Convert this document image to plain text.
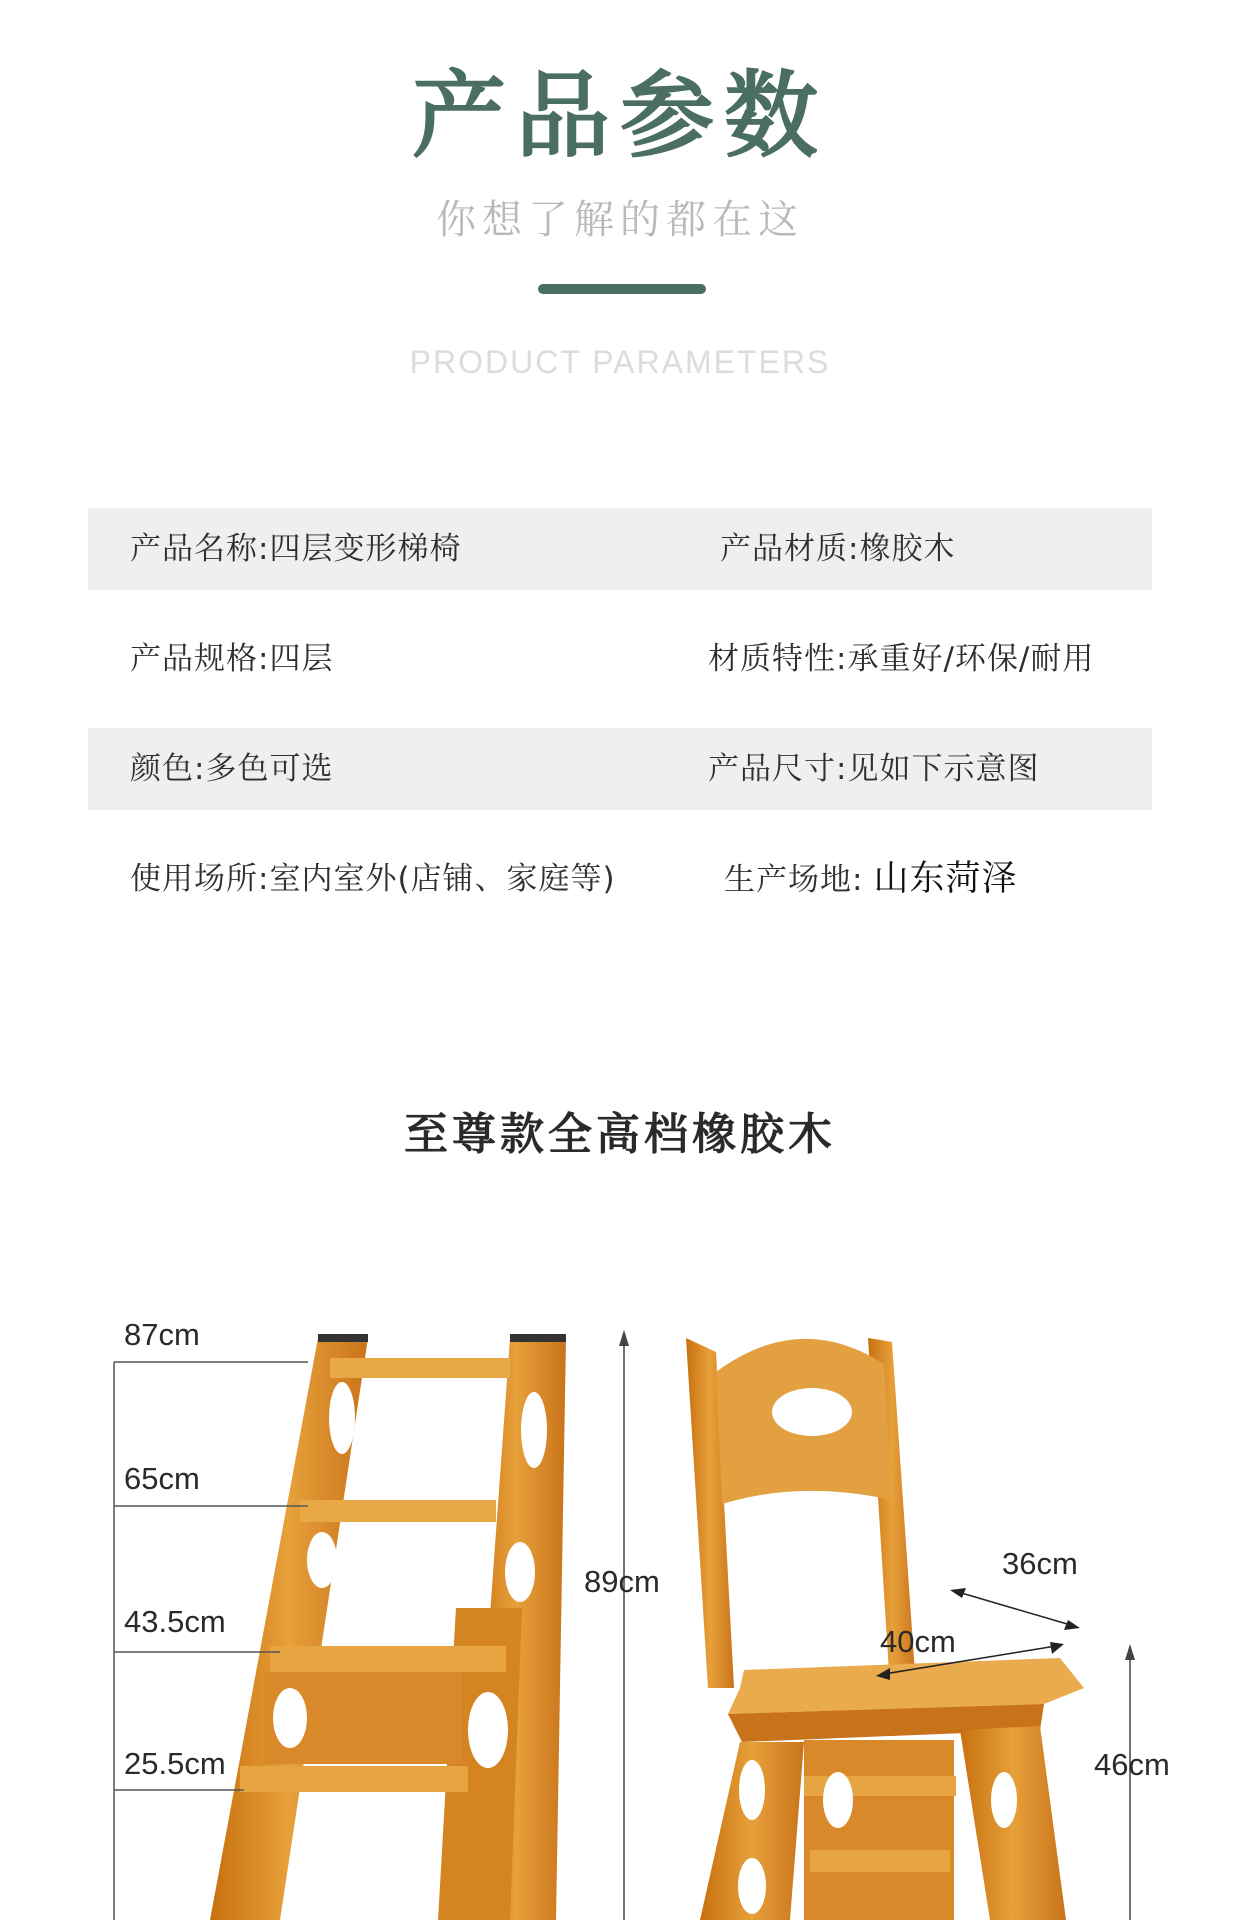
产品参数
你想了解的都在这
PRODUCT PARAMETERS
产品名称:四层变形梯椅	产品材质:橡胶木
产品规格:四层	材质特性:承重好/环保/耐用
颜色:多色可选	产品尺寸:见如下示意图
使用场所:室内室外(店铺、家庭等)	生产场地: 山东菏泽
至尊款全高档橡胶木
87cm
65cm
43.5cm
25.5cm
89cm
36cm
40cm
46cm
